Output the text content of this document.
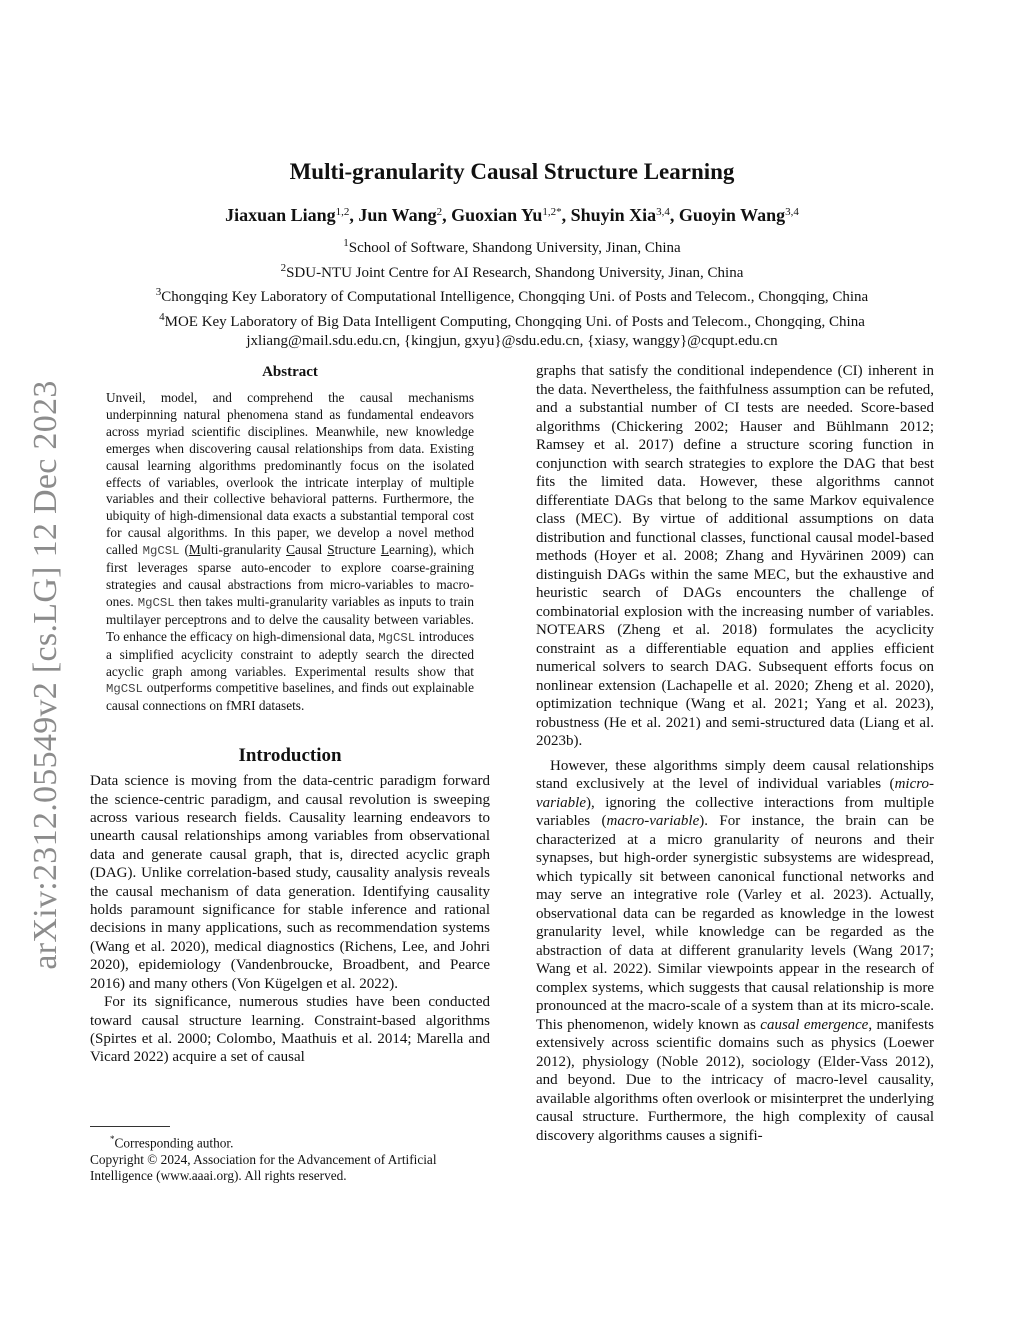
arXiv:2312.05549v2 [cs.LG] 12 Dec 2023
Multi-granularity Causal Structure Learning
Jiaxuan Liang$^{1,2}$, Jun Wang$^2$, Guoxian $Yu^{1,2*}$, Shuyin Xia$^{3,4}$, Guoyin Wang$^{3,4}$
$^1$School of Software, Shandong University, Jinan, China
$^2$SDU-NTU Joint Centre for AI Research, Shandong University, Jinan, China
$^3$Chongqing Key Laboratory of Computational Intelligence, Chongqing Uni. of Posts and Telecom., Chongqing, China
$^4$MOE Key Laboratory of Big Data Intelligent Computing, Chongqing Uni. of Posts and Telecom., Chongqing, China
jxliang@mail.sdu.edu.cn, {kingjun, gxyu}@sdu.edu.cn, {xiasy, wanggy}@cqupt.edu.cn
Abstract
Unveil, model, and comprehend the causal mechanisms underpinning natural phenomena stand as fundamental endeavors across myriad scientific disciplines. Meanwhile, new knowledge emerges when discovering causal relationships from data. Existing causal learning algorithms predominantly focus on the isolated effects of variables, overlook the intricate interplay of multiple variables and their collective behavioral patterns. Furthermore, the ubiquity of high-dimensional data exacts a substantial temporal cost for causal algorithms. In this paper, we develop a novel method called MgCSL (Multi-granularity Causal Structure Learning), which first leverages sparse auto-encoder to explore coarse-graining strategies and causal abstractions from micro-variables to macro-ones. MgCSL then takes multi-granularity variables as inputs to train multilayer perceptrons and to delve the causality between variables. To enhance the efficacy on high-dimensional data, MgCSL introduces a simplified acyclicity constraint to adeptly search the directed acyclic graph among variables. Experimental results show that MgCSL outperforms competitive baselines, and finds out explainable causal connections on fMRI datasets.
Introduction

Data science is moving from the data-centric paradigm forward the science-centric paradigm, and causal revolution is sweeping across various research fields. Causality learning endeavors to unearth causal relationships among variables from observational data and generate causal graph, that is, directed acyclic graph (DAG). Unlike correlation-based study, causality analysis reveals the causal mechanism of data generation. Identifying causality holds paramount significance for stable inference and rational decisions in many applications, such as recommendation systems (Wang et al. 2020), medical diagnostics (Richens, Lee, and Johri 2020), epidemiology (Vandenbroucke, Broadbent, and Pearce 2016) and many others (Von Kügelgen et al. 2022).

For its significance, numerous studies have been conducted toward causal structure learning. Constraint-based algorithms (Spirtes et al. 2000; Colombo, Maathuis et al. 2014; Marella and Vicard 2022) acquire a set of causal

graphs that satisfy the conditional independence (CI) inherent in the data. Nevertheless, the faithfulness assumption can be refuted, and a substantial number of CI tests are needed. Score-based algorithms (Chickering 2002; Hauser and Bühlmann 2012; Ramsey et al. 2017) define a structure scoring function in conjunction with search strategies to explore the DAG that best fits the limited data. However, these algorithms cannot differentiate DAGs that belong to the same Markov equivalence class (MEC). By virtue of additional assumptions on data distribution and functional classes, functional causal model-based methods (Hoyer et al. 2008; Zhang and Hyvärinen 2009) can distinguish DAGs within the same MEC, but the exhaustive and heuristic search of DAGs encounters the challenge of combinatorial explosion with the increasing number of variables. NOTEARS (Zheng et al. 2018) formulates the acyclicity constraint as a differentiable equation and applies efficient numerical solvers to search DAG. Subsequent efforts focus on nonlinear extension (Lachapelle et al. 2020; Zheng et al. 2020), optimization technique (Wang et al. 2021; Yang et al. 2023), robustness (He et al. 2021) and semi-structured data (Liang et al. 2023b).

However, these algorithms simply deem causal relationships stand exclusively at the level of individual variables (micro-variable), ignoring the collective interactions from multiple variables (macro-variable). For instance, the brain can be characterized at a micro granularity of neurons and their synapses, but high-order synergistic subsystems are widespread, which typically sit between canonical functional networks and may serve an integrative role (Varley et al. 2023). Actually, observational data can be regarded as knowledge in the lowest granularity level, while knowledge can be regarded as the abstraction of data at different granularity levels (Wang 2017; Wang et al. 2022). Similar viewpoints appear in the research of complex systems, which suggests that causal relationship is more pronounced at the macro-scale of a system than at its micro-scale. This phenomenon, widely known as causal emergence, manifests extensively across scientific domains such as physics (Loewer 2012), physiology (Noble 2012), sociology (Elder-Vass 2012), and beyond. Due to the intricacy of macro-level causality, available algorithms often overlook or misinterpret the underlying causal structure. Furthermore, the high complexity of causal discovery algorithms causes a signifi-

*Corresponding author.

Copyright © 2024, Association for the Advancement of Artificial Intelligence (www.aaai.org). All rights reserved.
